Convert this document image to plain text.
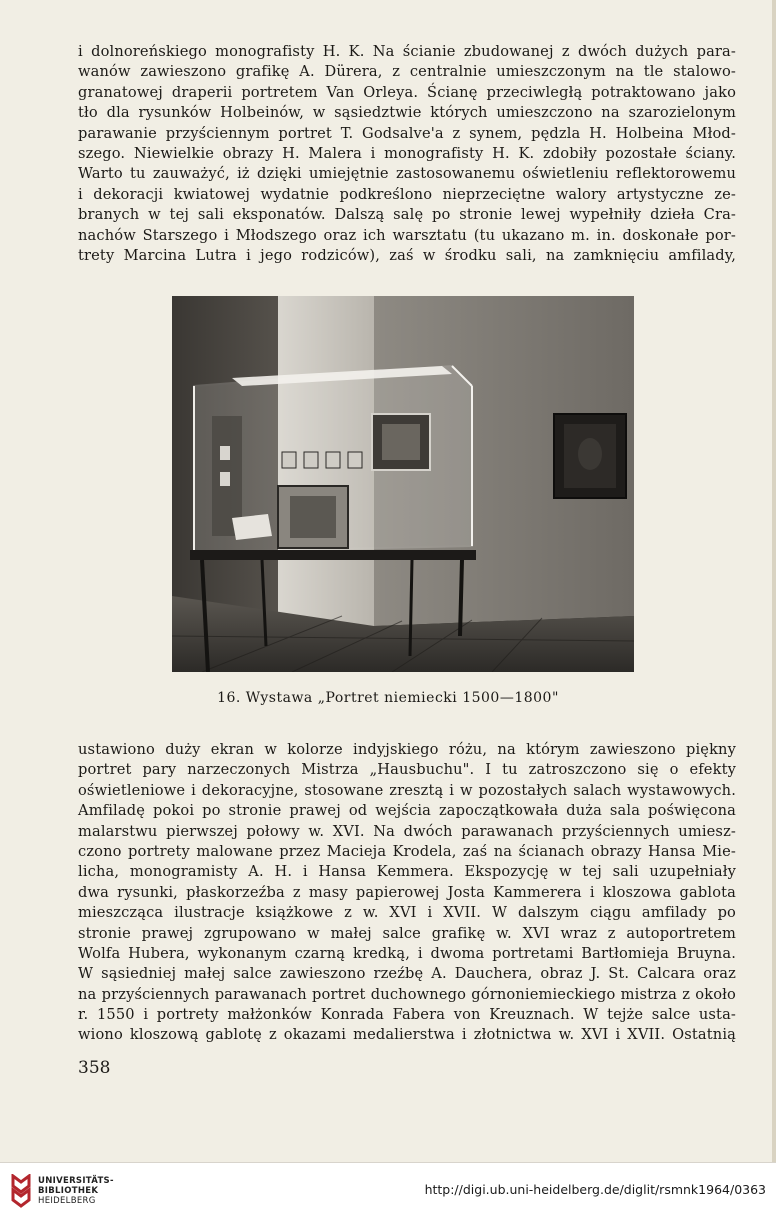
i dolnoreńskiego monografisty H. K. Na ścianie zbudowanej z dwóch dużych para-
wanów zawieszono grafikę A. Dürera, z centralnie umieszczonym na tle stalowo-
granatowej draperii portretem Van Orleya. Ścianę przeciwległą potraktowano jako
tło dla rysunków Holbeinów, w sąsiedztwie których umieszczono na szarozielonym
parawanie przyściennym portret T. Godsalve'a z synem, pędzla H. Holbeina Młod-
szego. Niewielkie obrazy H. Malera i monografisty H. K. zdobiły pozostałe ściany.
Warto tu zauważyć, iż dzięki umiejętnie zastosowanemu oświetleniu reflektorowemu
i dekoracji kwiatowej wydatnie podkreślono nieprzeciętne walory artystyczne ze-
branych w tej sali eksponatów. Dalszą salę po stronie lewej wypełniły dzieła Cra-
nachów Starszego i Młodszego oraz ich warsztatu (tu ukazano m. in. doskonałe por-
trety Marcina Lutra i jego rodziców), zaś w środku sali, na zamknięciu amfilady,
16. Wystawa „Portret niemiecki 1500—1800"
ustawiono duży ekran w kolorze indyjskiego różu, na którym zawieszono piękny
portret pary narzeczonych Mistrza „Hausbuchu". I tu zatroszczono się o efekty
oświetleniowe i dekoracyjne, stosowane zresztą i w pozostałych salach wystawowych.
Amfiladę pokoi po stronie prawej od wejścia zapoczątkowała duża sala poświęcona
malarstwu pierwszej połowy w. XVI. Na dwóch parawanach przyściennych umiesz-
czono portrety malowane przez Macieja Krodela, zaś na ścianach obrazy Hansa Mie-
licha, monogramisty A. H. i Hansa Kemmera. Ekspozycję w tej sali uzupełniały
dwa rysunki, płaskorzeźba z masy papierowej Josta Kammerera i kloszowa gablota
mieszcząca ilustracje książkowe z w. XVI i XVII. W dalszym ciągu amfilady po
stronie prawej zgrupowano w małej salce grafikę w. XVI wraz z autoportretem
Wolfa Hubera, wykonanym czarną kredką, i dwoma portretami Bartłomieja Bruyna.
W sąsiedniej małej salce zawieszono rzeźbę A. Dauchera, obraz J. St. Calcara oraz
na przyściennych parawanach portret duchownego górnoniemieckiego mistrza z około
r. 1550 i portrety małżonków Konrada Fabera von Kreuznach. W tejże salce usta-
wiono kloszową gablotę z okazami medalierstwa i złotnictwa w. XVI i XVII. Ostatnią
358
UNIVERSITÄTS-
BIBLIOTHEK
HEIDELBERG
http://digi.ub.uni-heidelberg.de/diglit/rsmnk1964/0363
